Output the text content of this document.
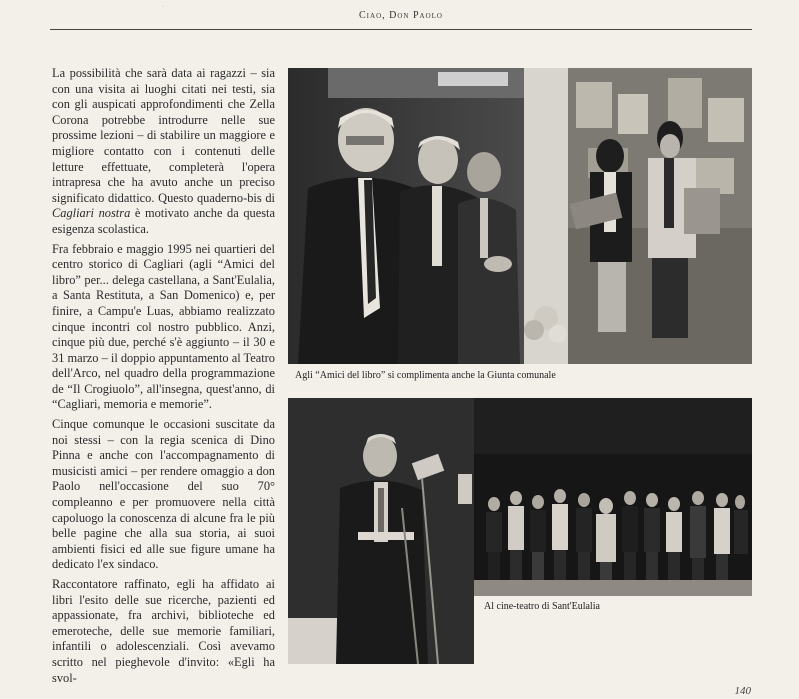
·
Ciao, Don Paolo

La possibilità che sarà data ai ragazzi – sia con una visita ai luoghi citati nei testi, sia con gli auspicati approfondimenti che Zella Corona potrebbe introdurre nelle sue prossime lezioni – di stabilire un maggiore e migliore contatto con i contenuti delle letture effettuate, completerà l'opera intrapresa che ha avuto anche un preciso significato didattico. Questo quaderno-bis di Cagliari nostra è motivato anche da questa esigenza scolastica.

Fra febbraio e maggio 1995 nei quartieri del centro storico di Cagliari (agli “Amici del libro” per... delega castellana, a Sant'Eulalia, a Santa Restituta, a San Domenico) e, per finire, a Campu'e Luas, abbiamo realizzato cinque incontri col nostro pubblico. Anzi, cinque più due, perché s'è aggiunto – il 30 e 31 marzo – il doppio appuntamento al Teatro dell'Arco, nel quadro della programmazione de “Il Crogiuolo”, all'insegna, quest'anno, di “Cagliari, memoria e memorie”.

Cinque comunque le occasioni suscitate da noi stessi – con la regia scenica di Dino Pinna e anche con l'accompagnamento di musicisti amici – per rendere omaggio a don Paolo nell'occasione del suo 70° compleanno e per promuovere nella città capoluogo la conoscenza di alcune fra le più belle pagine che alla sua storia, ai suoi ambienti fisici ed alle sue figure umane ha dedicato l'ex sindaco.

Raccontatore raffinato, egli ha affidato ai libri l'esito delle sue ricerche, pazienti ed appassionate, fra archivi, biblioteche ed emeroteche, delle sue memorie familiari, infantili o adolescenziali. Così avevamo scritto nel pieghevole d'invito: «Egli ha svol-

Agli “Amici del libro” si complimenta anche la Giunta comunale
Al cine-teatro di Sant'Eulalia
140
